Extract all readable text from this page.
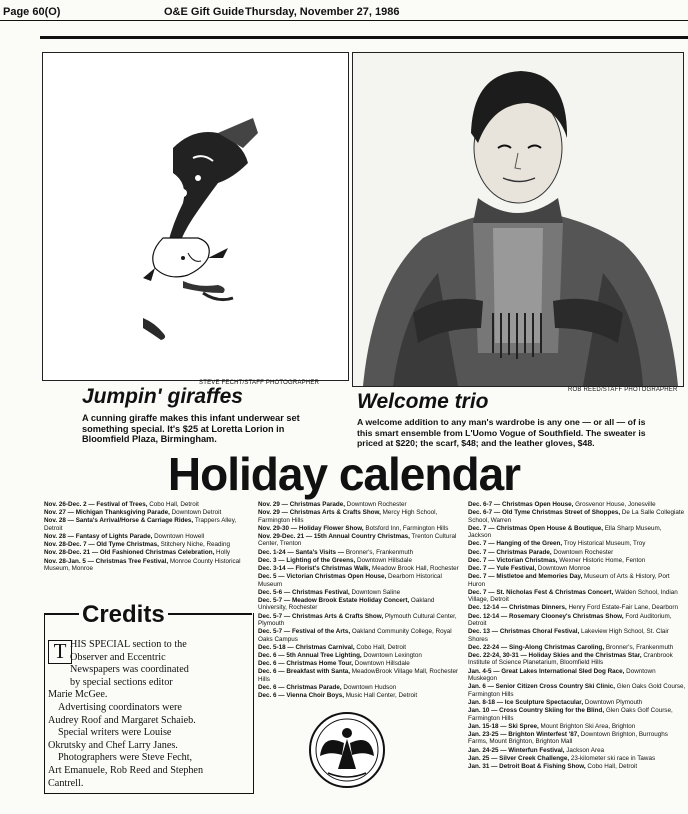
Page 60(O)	O&E Gift Guide Thursday, November 27, 1986
STEVE FECHT/STAFF PHOTOGRAPHER
Jumpin' giraffes
A cunning giraffe makes this infant underwear set
something special. It's $25 at Loretta Lorion in
Bloomfield Plaza, Birmingham.
ROB REED/STAFF PHOTOGRAPHER
Welcome trio
A welcome addition to any man's wardrobe is any one — or all — of is
this smart ensemble from L'Uomo Vogue of Southfield. The sweater is
priced at $220; the scarf, $48; and the leather gloves, $48.
Holiday calendar
Nov. 26-Dec. 2 — Festival of Trees, Cobo Hall, Detroit
Nov. 27 — Michigan Thanksgiving Parade, Downtown Detroit
Nov. 28 — Santa's Arrival/Horse & Carriage Rides, Trappers Alley, Detroit
Nov. 28 — Fantasy of Lights Parade, Downtown Howell
Nov. 28-Dec. 7 — Old Tyme Christmas, Stitchery Niche, Reading
Nov. 28-Dec. 21 — Old Fashioned Christmas Celebration, Holly
Nov. 28-Jan. 5 — Christmas Tree Festival, Monroe County Historical Museum, Monroe
Nov. 29 — Christmas Parade, Downtown Rochester
Nov. 29 — Christmas Arts & Crafts Show, Mercy High School, Farmington Hills
Nov. 29-30 — Holiday Flower Show, Botsford Inn, Farmington Hills
Nov. 29-Dec. 21 — 15th Annual Country Christmas, Trenton Cultural Center, Trenton
Dec. 1-24 — Santa's Visits — Bronner's, Frankenmuth
Dec. 3 — Lighting of the Greens, Downtown Hillsdale
Dec. 3-14 — Florist's Christmas Walk, Meadow Brook Hall, Rochester
Dec. 5 — Victorian Christmas Open House, Dearborn Historical Museum
Dec. 5-6 — Christmas Festival, Downtown Saline
Dec. 5-7 — Meadow Brook Estate Holiday Concert, Oakland University, Rochester
Dec. 5-7 — Christmas Arts & Crafts Show, Plymouth Cultural Center, Plymouth
Dec. 5-7 — Festival of the Arts, Oakland Community College, Royal Oaks Campus
Dec. 5-18 — Christmas Carnival, Cobo Hall, Detroit
Dec. 6 — 5th Annual Tree Lighting, Downtown Lexington
Dec. 6 — Christmas Home Tour, Downtown Hillsdale
Dec. 6 — Breakfast with Santa, MeadowBrook Village Mall, Rochester Hills
Dec. 6 — Christmas Parade, Downtown Hudson
Dec. 6 — Vienna Choir Boys, Music Hall Center, Detroit
Dec. 6-7 — Christmas Open House, Grosvenor House, Jonesville
Dec. 6-7 — Old Tyme Christmas Street of Shoppes, De La Salle Collegiate School, Warren
Dec. 7 — Christmas Open House & Boutique, Ella Sharp Museum, Jackson
Dec. 7 — Hanging of the Green, Troy Historical Museum, Troy
Dec. 7 — Christmas Parade, Downtown Rochester
Dec. 7 — Victorian Christmas, Wexner Historic Home, Fenton
Dec. 7 — Yule Festival, Downtown Monroe
Dec. 7 — Mistletoe and Memories Day, Museum of Arts & History, Port Huron
Dec. 7 — St. Nicholas Fest & Christmas Concert, Walden School, Indian Village, Detroit
Dec. 12-14 — Christmas Dinners, Henry Ford Estate-Fair Lane, Dearborn
Dec. 12-14 — Rosemary Clooney's Christmas Show, Ford Auditorium, Detroit
Dec. 13 — Christmas Choral Festival, Lakeview High School, St. Clair Shores
Dec. 22-24 — Sing-Along Christmas Caroling, Bronner's, Frankenmuth
Dec. 22-24, 30-31 — Holiday Skies and the Christmas Star, Cranbrook Institute of Science Planetarium, Bloomfield Hills
Jan. 4-5 — Great Lakes International Sled Dog Race, Downtown Muskegon
Jan. 6 — Senior Citizen Cross Country Ski Clinic, Glen Oaks Gold Course, Farmington Hills
Jan. 8-18 — Ice Sculpture Spectacular, Downtown Plymouth
Jan. 10 — Cross Country Skiing for the Blind, Glen Oaks Golf Course, Farmington Hills
Jan. 15-18 — Ski Spree, Mount Brighton Ski Area, Brighton
Jan. 23-25 — Brighton Winterfest '87, Downtown Brighton, Burroughs Farms, Mount Brighton, Brighton Mall
Jan. 24-25 — Winterfun Festival, Jackson Area
Jan. 25 — Silver Creek Challenge, 23-kilometer ski race in Tawas
Jan. 31 — Detroit Boat & Fishing Show, Cobo Hall, Detroit
Credits
T HIS SPECIAL section to the
Observer and Eccentric
Newspapers was coordinated
by special sections editor
Marie McGee.
Advertising coordinators were
Audrey Roof and Margaret Schaieb.
Special writers were Louise
Okrutsky and Chef Larry Janes.
Photographers were Steve Fecht,
Art Emanuele, Rob Reed and Stephen
Cantrell.
